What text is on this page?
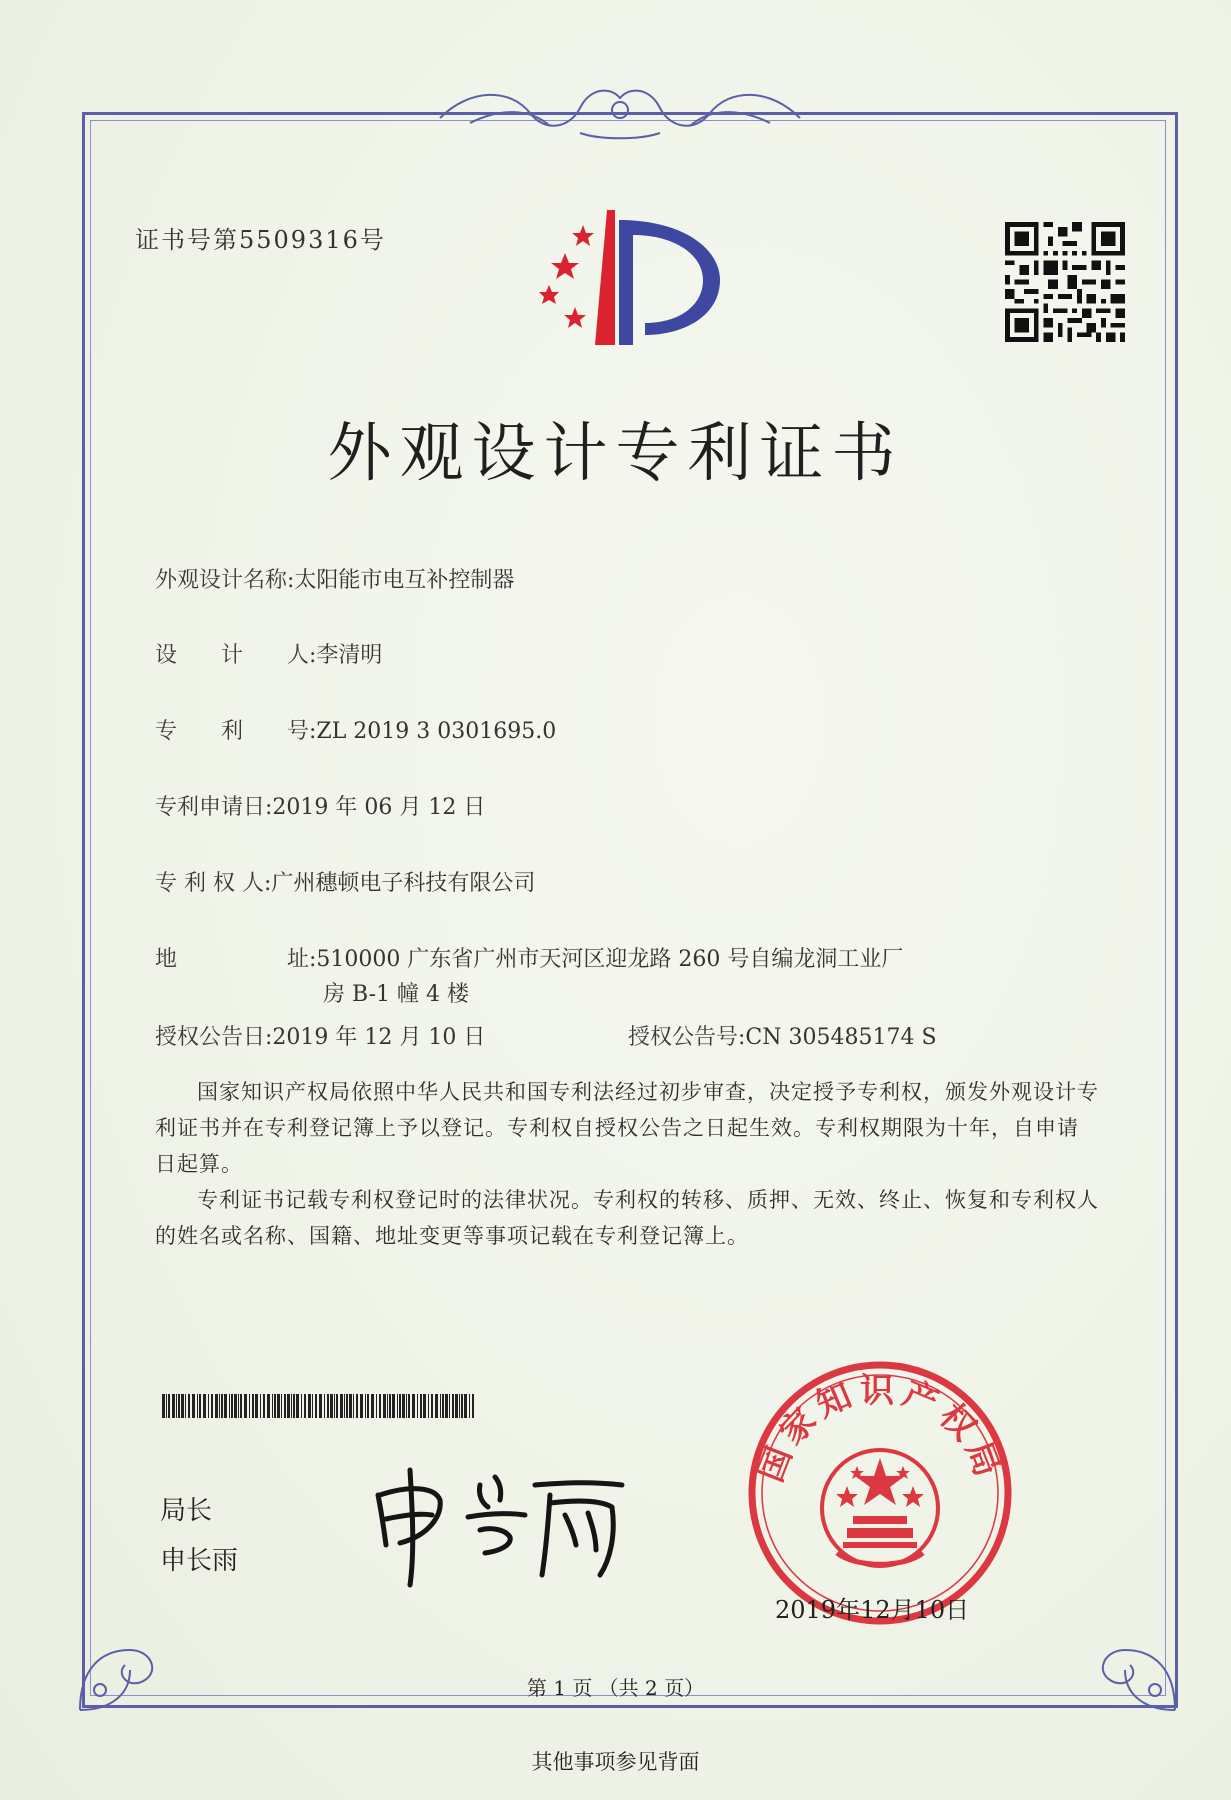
证书号第5509316号
外观设计专利证书
外观设计名称:太阳能市电互补控制器
设　　计　　人:李清明
专　　利　　号:ZL 2019 3 0301695.0
专利申请日:2019 年 06 月 12 日
专 利 权 人:广州穗顿电子科技有限公司
地　　　　　址:510000 广东省广州市天河区迎龙路 260 号自编龙洞工业厂
房 B-1 幢 4 楼
授权公告日:2019 年 12 月 10 日	授权公告号:CN 305485174 S

国家知识产权局依照中华人民共和国专利法经过初步审查，决定授予专利权，颁发外观设计专利证书并在专利登记簿上予以登记。专利权自授权公告之日起生效。专利权期限为十年，自申请日起算。

专利证书记载专利权登记时的法律状况。专利权的转移、质押、无效、终止、恢复和专利权人的姓名或名称、国籍、地址变更等事项记载在专利登记簿上。

局长
申长雨
国家知识产权局
2019年12月10日
第 1 页 （共 2 页）
其他事项参见背面
